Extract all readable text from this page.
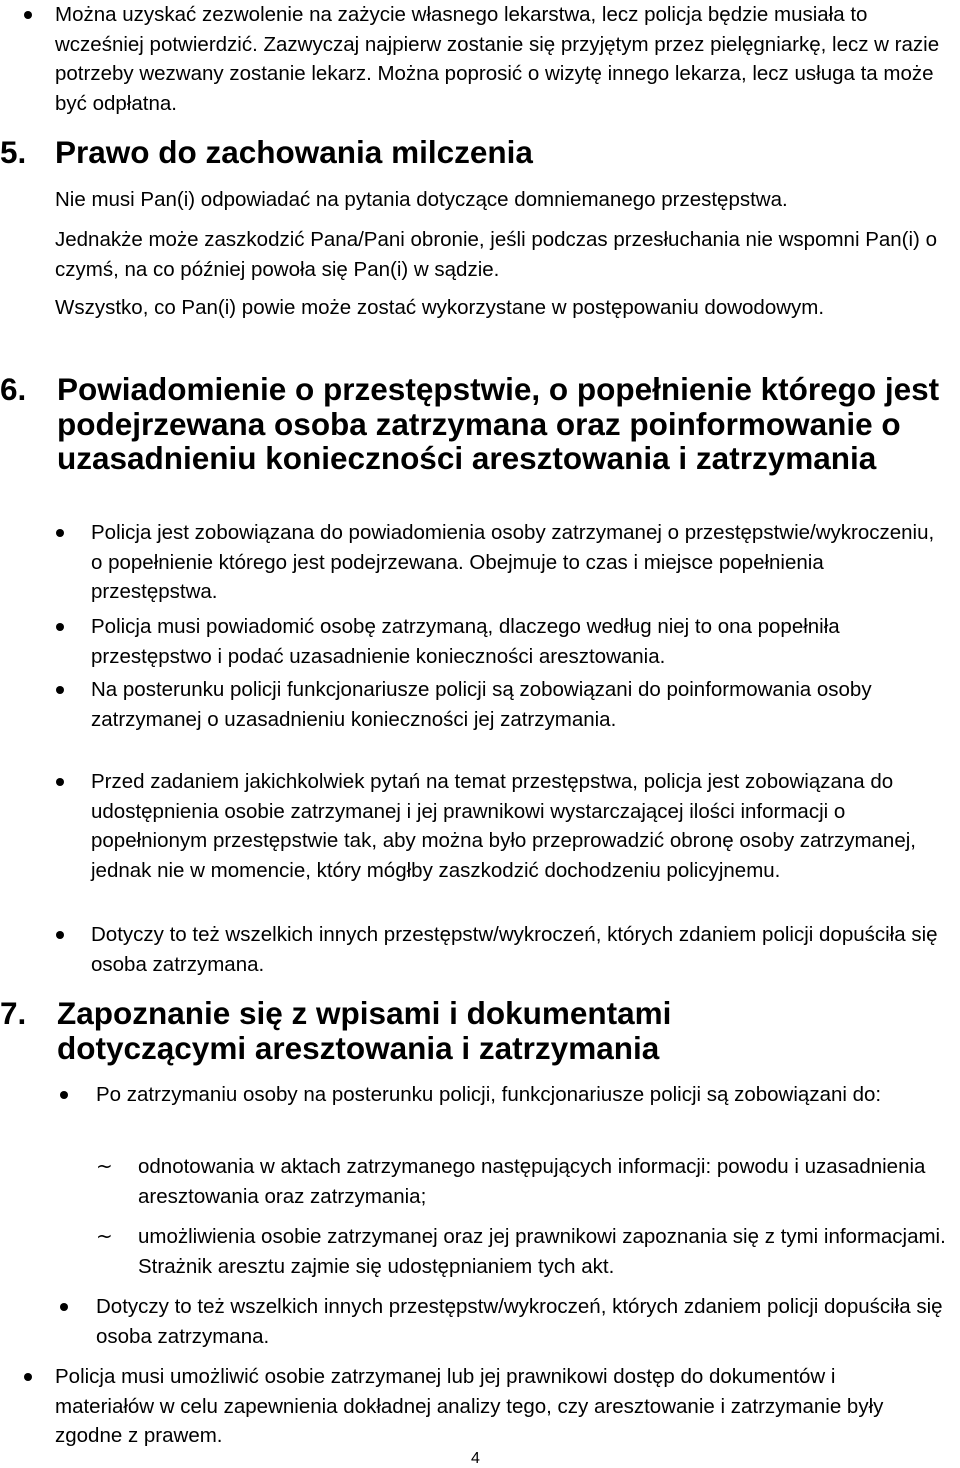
Można uzyskać zezwolenie na zażycie własnego lekarstwa, lecz policja będzie musiała to wcześniej potwierdzić. Zazwyczaj najpierw zostanie się przyjętym przez pielęgniarkę, lecz w razie potrzeby wezwany zostanie lekarz. Można poprosić o wizytę innego lekarza, lecz usługa ta może być odpłatna.
5. Prawo do zachowania milczenia

Nie musi Pan(i) odpowiadać na pytania dotyczące domniemanego przestępstwa.

Jednakże może zaszkodzić Pana/Pani obronie, jeśli podczas przesłuchania nie wspomni Pan(i) o czymś, na co później powoła się Pan(i) w sądzie.

Wszystko, co Pan(i) powie może zostać wykorzystane w postępowaniu dowodowym.

6. Powiadomienie o przestępstwie, o popełnienie którego jest podejrzewana osoba zatrzymana oraz poinformowanie o uzasadnieniu konieczności aresztowania i zatrzymania
Policja jest zobowiązana do powiadomienia osoby zatrzymanej o przestępstwie/wykroczeniu, o popełnienie którego jest podejrzewana. Obejmuje to czas i miejsce popełnienia przestępstwa.
Policja musi powiadomić osobę zatrzymaną, dlaczego według niej to ona popełniła przestępstwo i podać uzasadnienie konieczności aresztowania.
Na posterunku policji funkcjonariusze policji są zobowiązani do poinformowania osoby zatrzymanej o uzasadnieniu konieczności jej zatrzymania.
Przed zadaniem jakichkolwiek pytań na temat przestępstwa, policja jest zobowiązana do udostępnienia osobie zatrzymanej i jej prawnikowi wystarczającej ilości informacji o popełnionym przestępstwie tak, aby można było przeprowadzić obronę osoby zatrzymanej, jednak nie w momencie, który mógłby zaszkodzić dochodzeniu policyjnemu.
Dotyczy to też wszelkich innych przestępstw/wykroczeń, których zdaniem policji dopuściła się osoba zatrzymana.
7. Zapoznanie się z wpisami i dokumentami dotyczącymi aresztowania i zatrzymania
Po zatrzymaniu osoby na posterunku policji, funkcjonariusze policji są zobowiązani do:
~ odnotowania w aktach zatrzymanego następujących informacji: powodu i uzasadnienia aresztowania oraz zatrzymania;
~ umożliwienia osobie zatrzymanej oraz jej prawnikowi zapoznania się z tymi informacjami. Strażnik aresztu zajmie się udostępnianiem tych akt.
Dotyczy to też wszelkich innych przestępstw/wykroczeń, których zdaniem policji dopuściła się osoba zatrzymana.
Policja musi umożliwić osobie zatrzymanej lub jej prawnikowi dostęp do dokumentów i materiałów w celu zapewnienia dokładnej analizy tego, czy aresztowanie i zatrzymanie były zgodne z prawem.
4
